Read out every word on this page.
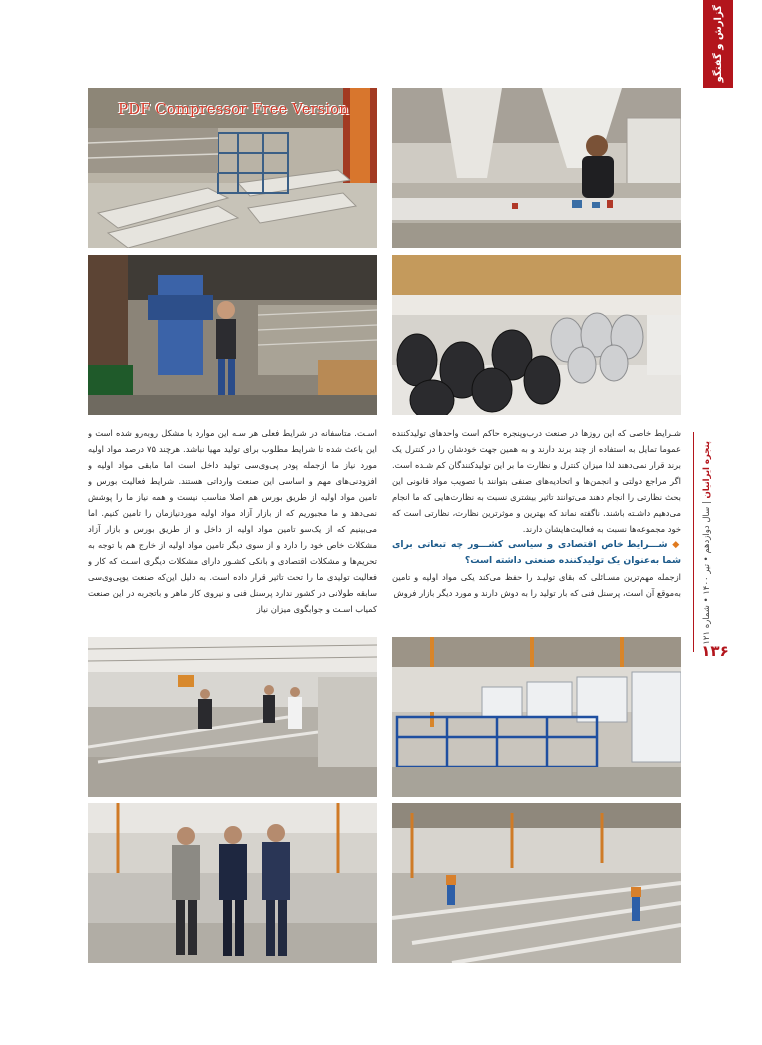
گزارش و گفتگو
PDF Compressor Free Version

شـرایط خاصی که این روزها در صنعت درب‌وپنجره حاکم است واحدهای تولیدکننده عموما تمایل به استفاده از چند برند دارند و به همین جهت خودشان را در کنترل یک برند قرار نمی‌دهند لذا میزان کنترل و نظارت ما بر این تولیدکنندگان کم شـده است. اگر مراجع دولتی و انجمن‌ها و اتحادیه‌های صنفی بتوانند با تصویب مواد قانونی این بحث نظارتی را انجام دهند می‌توانند تاثیر بیشتری نسبت به نظارت‌هایی که ما انجام می‌دهیم داشـته باشند. ناگفته نماند که بهترین و موثرترین نظارت، نظارتی است که خود مجموعه‌ها نسبت به فعالیت‌هایشان دارند.

◆ شـــرایط خاص اقتصادی و سیاسی کشـــور چه تبعاتی برای شما به‌عنوان یک تولیدکننده صنعتی داشته است؟

ازجمله مهم‌ترین مسـائلی که بقای تولیـد را حفظ می‌کند یکی مواد اولیه و تامین به‌موقع آن است، پرسنل فنی که بار تولید را به دوش دارند و مورد دیگر بازار فروش

اسـت. متاسفانه در شرایط فعلی هر سـه این موارد با مشکل روبه‌رو شده است و این باعث شده تا شرایط مطلوب برای تولید مهیا نباشد. هرچند ۷۵ درصد مواد اولیه مورد نیاز ما ازجمله پودر پی‌وی‌سی تولید داخل است اما مابقی مواد اولیه و افزودنی‌های مهم و اساسی این صنعت وارداتی هستند. شرایط فعالیت بورس و تامین مواد اولیه از طریق بورس هم اصلا مناسب نیست و همه نیاز ما را پوشش نمی‌دهد و ما مجبوریم که از بازار آزاد مواد اولیه موردنیازمان را تامین کنیم. اما می‌بینیم که از یک‌سو تامین مواد اولیه از داخل و از طریق بورس و بازار آزاد مشکلات خاص خود را دارد و از سوی دیگر تامین مواد اولیه از خارج هم با توجه به تحریم‌ها و مشکلات اقتصادی و بانکی کشـور دارای مشکلات دیگری اسـت که کار و فعالیت تولیدی ما را تحت تاثیر قرار داده است. به دلیل این‌که صنعت یوپی‌وی‌سی سابقه طولانی در کشور ندارد پرسنل فنی و نیروی کار ماهر و باتجربه در این صنعت کمیاب اسـت و جوابگوی میزان نیاز

پنجره ایرانیان | سال دوازدهم • تیر ۱۴۰۰ • شماره ۱۲۱
۱۳۶
